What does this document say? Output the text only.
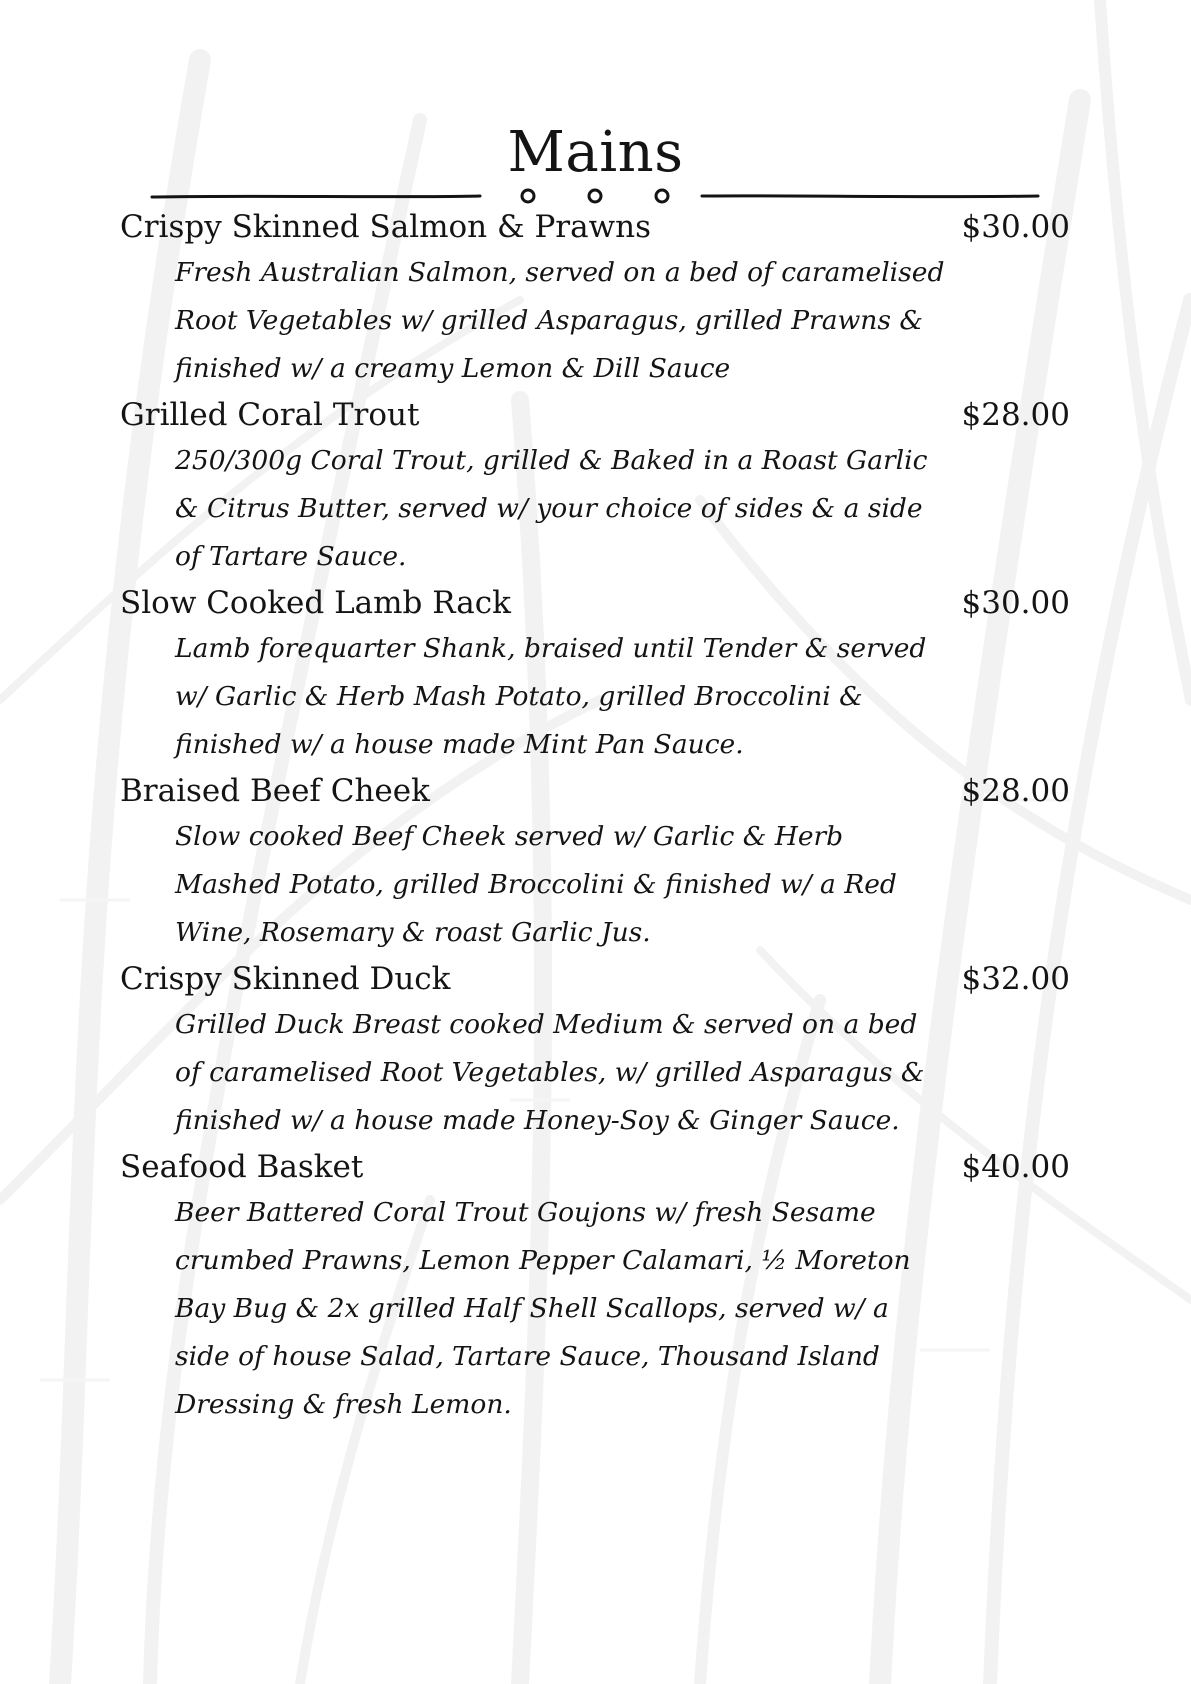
Mains
Crispy Skinned Salmon & Prawns	$30.00
Fresh Australian Salmon, served on a bed of caramelised
Root Vegetables w/ grilled Asparagus, grilled Prawns &
finished w/ a creamy Lemon & Dill Sauce
Grilled Coral Trout	$28.00
250/300g Coral Trout, grilled & Baked in a Roast Garlic
& Citrus Butter, served w/ your choice of sides & a side
of Tartare Sauce.
Slow Cooked Lamb Rack	$30.00
Lamb forequarter Shank, braised until Tender & served
w/ Garlic & Herb Mash Potato, grilled Broccolini &
finished w/ a house made Mint Pan Sauce.
Braised Beef Cheek	$28.00
Slow cooked Beef Cheek served w/ Garlic & Herb
Mashed Potato, grilled Broccolini & finished w/ a Red
Wine, Rosemary & roast Garlic Jus.
Crispy Skinned Duck	$32.00
Grilled Duck Breast cooked Medium & served on a bed
of caramelised Root Vegetables, w/ grilled Asparagus &
finished w/ a house made Honey-Soy & Ginger Sauce.
Seafood Basket	$40.00
Beer Battered Coral Trout Goujons w/ fresh Sesame
crumbed Prawns, Lemon Pepper Calamari, ½ Moreton
Bay Bug & 2x grilled Half Shell Scallops, served w/ a
side of house Salad, Tartare Sauce, Thousand Island
Dressing & fresh Lemon.
